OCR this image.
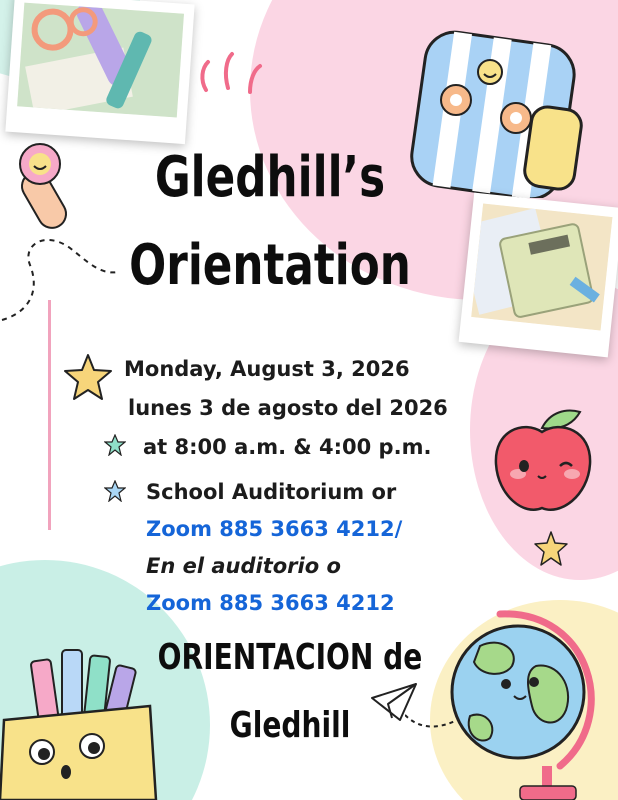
Gledhill’s
Orientation
Monday, August 3, 2026
lunes 3 de agosto del 2026
at 8:00 a.m. & 4:00 p.m.
School Auditorium or
Zoom 885 3663 4212/
En el auditorio o
Zoom 885 3663 4212
ORIENTACION de
Gledhill
